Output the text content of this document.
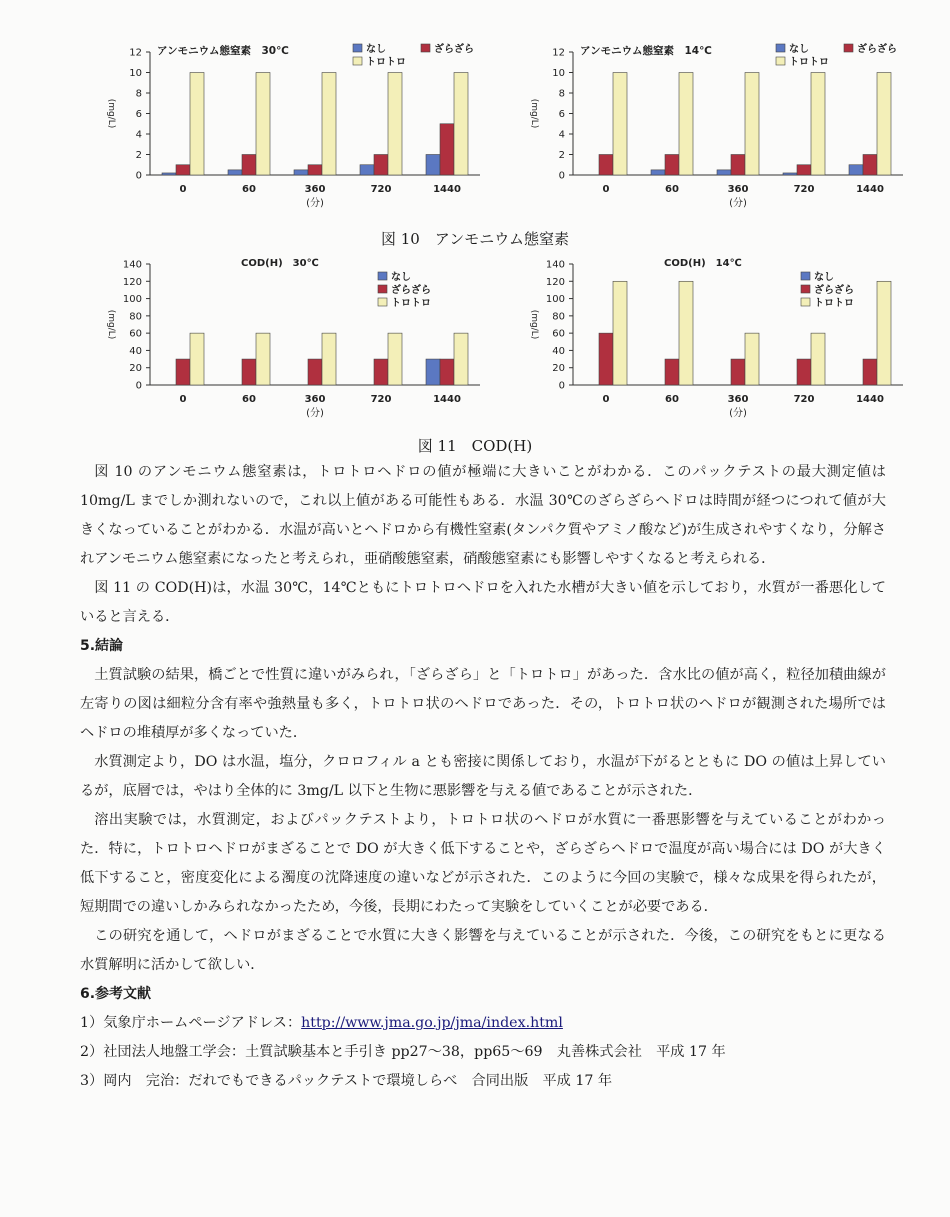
0
2
4
6
8
10
12
(mg/L)
0	60	360	720	1440
(分)
アンモニウム態窒素　30℃	なし	ざらざら
トロトロ
0
2
4
6
8
10
12
(mg/L)
0	60	360	720	1440
(分)
アンモニウム態窒素　14℃	なし	ざらざら
トロトロ
図 10　アンモニウム態窒素
0
20
40
60
80
100
120
140
(mg/L)
0	60	360	720	1440
(分)
COD(H)　30℃
なし
ざらざら
トロトロ
0
20
40
60
80
100
120
140
(mg/L)
0	60	360	720	1440
(分)
COD(H)　14℃
なし
ざらざら
トロトロ
図 11　COD(H)

図 10 のアンモニウム態窒素は，トロトロヘドロの値が極端に大きいことがわかる．このパックテストの最大測定値は 10mg/L までしか測れないので，これ以上値がある可能性もある．水温 30℃のざらざらヘドロは時間が経つにつれて値が大きくなっていることがわかる．水温が高いとヘドロから有機性窒素(タンパク質やアミノ酸など)が生成されやすくなり，分解されアンモニウム態窒素になったと考えられ，亜硝酸態窒素，硝酸態窒素にも影響しやすくなると考えられる．

図 11 の COD(H)は，水温 30℃，14℃ともにトロトロヘドロを入れた水槽が大きい値を示しており，水質が一番悪化していると言える．

5.結論

土質試験の結果，橋ごとで性質に違いがみられ，「ざらざら」と「トロトロ」があった．含水比の値が高く，粒径加積曲線が左寄りの図は細粒分含有率や強熱量も多く，トロトロ状のヘドロであった．その，トロトロ状のヘドロが観測された場所ではヘドロの堆積厚が多くなっていた．

水質測定より，DO は水温，塩分，クロロフィル a とも密接に関係しており，水温が下がるとともに DO の値は上昇しているが，底層では，やはり全体的に 3mg/L 以下と生物に悪影響を与える値であることが示された．

溶出実験では，水質測定，およびパックテストより，トロトロ状のヘドロが水質に一番悪影響を与えていることがわかった．特に，トロトロヘドロがまざることで DO が大きく低下することや，ざらざらヘドロで温度が高い場合には DO が大きく低下すること，密度変化による濁度の沈降速度の違いなどが示された．このように今回の実験で，様々な成果を得られたが，短期間での違いしかみられなかったため，今後，長期にわたって実験をしていくことが必要である．

この研究を通して，ヘドロがまざることで水質に大きく影響を与えていることが示された．今後，この研究をもとに更なる水質解明に活かして欲しい．

6.参考文献

1）気象庁ホームページアドレス：http://www.jma.go.jp/jma/index.html
2）社団法人地盤工学会：土質試験基本と手引き pp27～38，pp65～69　丸善株式会社　平成 17 年
3）岡内　完治：だれでもできるパックテストで環境しらべ　合同出版　平成 17 年
